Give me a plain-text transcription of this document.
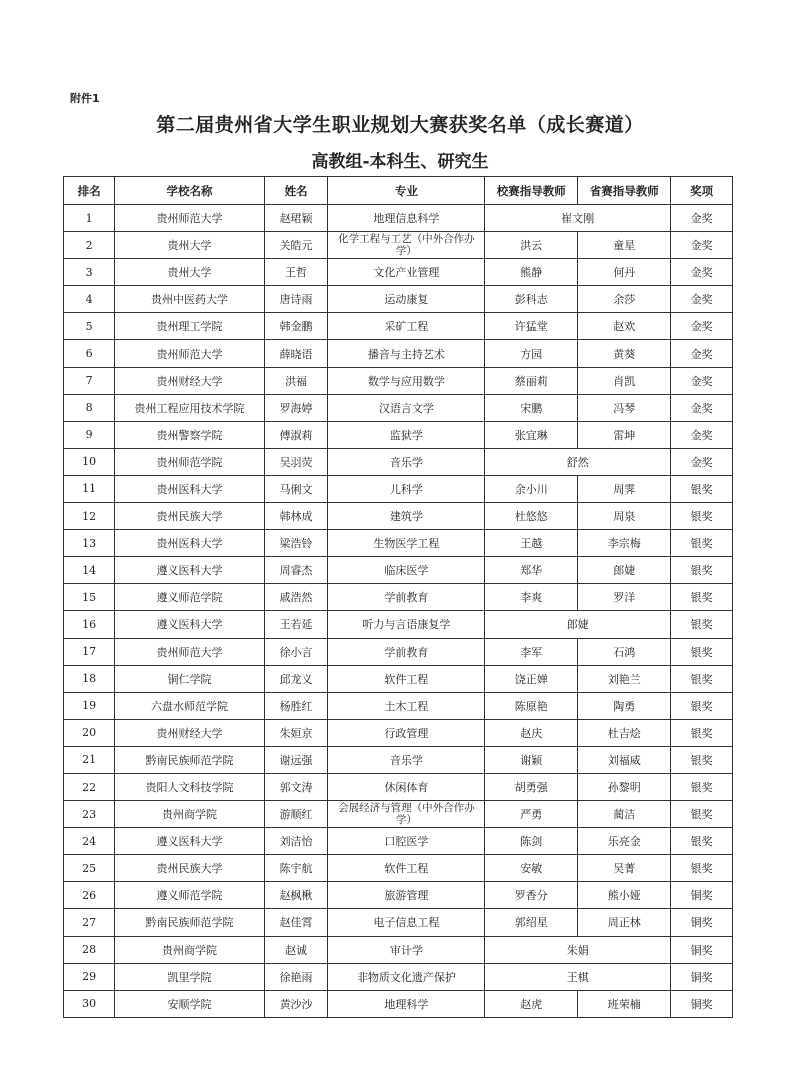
附件1
第二届贵州省大学生职业规划大赛获奖名单（成长赛道）
高教组-本科生、研究生
排名	学校名称	姓名	专业	校赛指导教师	省赛指导教师	奖项
1	贵州师范大学	赵珺颖	地理信息科学	崔文刚		金奖
2	贵州大学	关皓元	化学工程与工艺（中外合作办学）	洪云	童星	金奖
3	贵州大学	王哲	文化产业管理	熊静	何丹	金奖
4	贵州中医药大学	唐诗雨	运动康复	彭科志	余莎	金奖
5	贵州理工学院	韩金鹏	采矿工程	许猛堂	赵欢	金奖
6	贵州师范大学	薛晓语	播音与主持艺术	方园	黄葵	金奖
7	贵州财经大学	洪福	数学与应用数学	蔡丽莉	肖凯	金奖
8	贵州工程应用技术学院	罗海婷	汉语言文学	宋鹏	冯琴	金奖
9	贵州警察学院	傅淑莉	监狱学	张宜琳	雷坤	金奖
10	贵州师范学院	吴羽荧	音乐学	舒然		金奖
11	贵州医科大学	马俐文	儿科学	余小川	周霁	银奖
12	贵州民族大学	韩林成	建筑学	杜悠悠	周泉	银奖
13	贵州医科大学	梁浩铃	生物医学工程	王越	李宗梅	银奖
14	遵义医科大学	周睿杰	临床医学	郑华	郎婕	银奖
15	遵义师范学院	戚浩然	学前教育	李爽	罗洋	银奖
16	遵义医科大学	王若延	听力与言语康复学	郎婕		银奖
17	贵州师范大学	徐小言	学前教育	李军	石鸿	银奖
18	铜仁学院	邱龙义	软件工程	饶正婵	刘艳兰	银奖
19	六盘水师范学院	杨胜红	土木工程	陈原艳	陶勇	银奖
20	贵州财经大学	朱姮京	行政管理	赵庆	杜吉烩	银奖
21	黔南民族师范学院	谢远强	音乐学	谢颖	刘福威	银奖
22	贵阳人文科技学院	郭文涛	休闲体育	胡勇强	孙黎明	银奖
23	贵州商学院	游顺红	会展经济与管理（中外合作办学）	严勇	蔺洁	银奖
24	遵义医科大学	刘洁怡	口腔医学	陈剑	乐亮金	银奖
25	贵州民族大学	陈宇航	软件工程	安敏	吴菁	银奖
26	遵义师范学院	赵枫楸	旅游管理	罗香分	熊小娅	铜奖
27	黔南民族师范学院	赵佳霄	电子信息工程	郭绍星	周正林	铜奖
28	贵州商学院	赵诚	审计学	朱娟		铜奖
29	凯里学院	徐艳雨	非物质文化遗产保护	王棋		铜奖
30	安顺学院	黄沙沙	地理科学	赵虎	班荣楠	铜奖
